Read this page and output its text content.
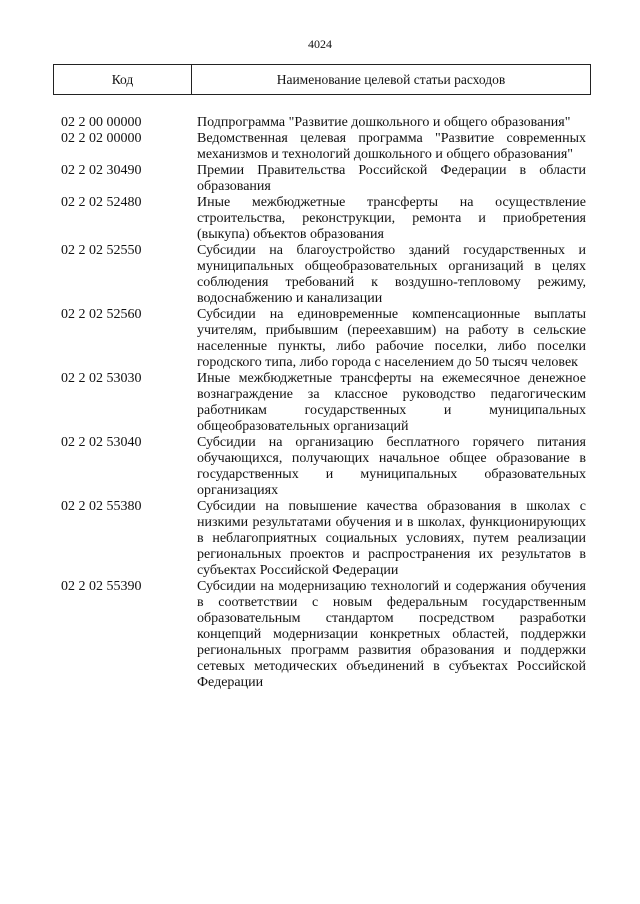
4024
Код	Наименование целевой статьи расходов
02 2 00 00000	Подпрограмма "Развитие дошкольного и общего образования"
02 2 02 00000	Ведомственная целевая программа "Развитие современных механизмов и технологий дошкольного и общего образования"
02 2 02 30490	Премии Правительства Российской Федерации в области образования
02 2 02 52480	Иные межбюджетные трансферты на осуществление строительства, реконструкции, ремонта и приобретения (выкупа) объектов образования
02 2 02 52550	Субсидии на благоустройство зданий государственных и муниципальных общеобразовательных организаций в целях соблюдения требований к воздушно-тепловому режиму, водоснабжению и канализации
02 2 02 52560	Субсидии на единовременные компенсационные выплаты учителям, прибывшим (переехавшим) на работу в сельские населенные пункты, либо рабочие поселки, либо поселки городского типа, либо города с населением до 50 тысяч человек
02 2 02 53030	Иные межбюджетные трансферты на ежемесячное денежное вознаграждение за классное руководство педагогическим работникам государственных и муниципальных общеобразовательных организаций
02 2 02 53040	Субсидии на организацию бесплатного горячего питания обучающихся, получающих начальное общее образование в государственных и муниципальных образовательных организациях
02 2 02 55380	Субсидии на повышение качества образования в школах с низкими результатами обучения и в школах, функционирующих в неблагоприятных социальных условиях, путем реализации региональных проектов и распространения их результатов в субъектах Российской Федерации
02 2 02 55390	Субсидии на модернизацию технологий и содержания обучения в соответствии с новым федеральным государственным образовательным стандартом посредством разработки концепций модернизации конкретных областей, поддержки региональных программ развития образования и поддержки сетевых методических объединений в субъектах Российской Федерации
